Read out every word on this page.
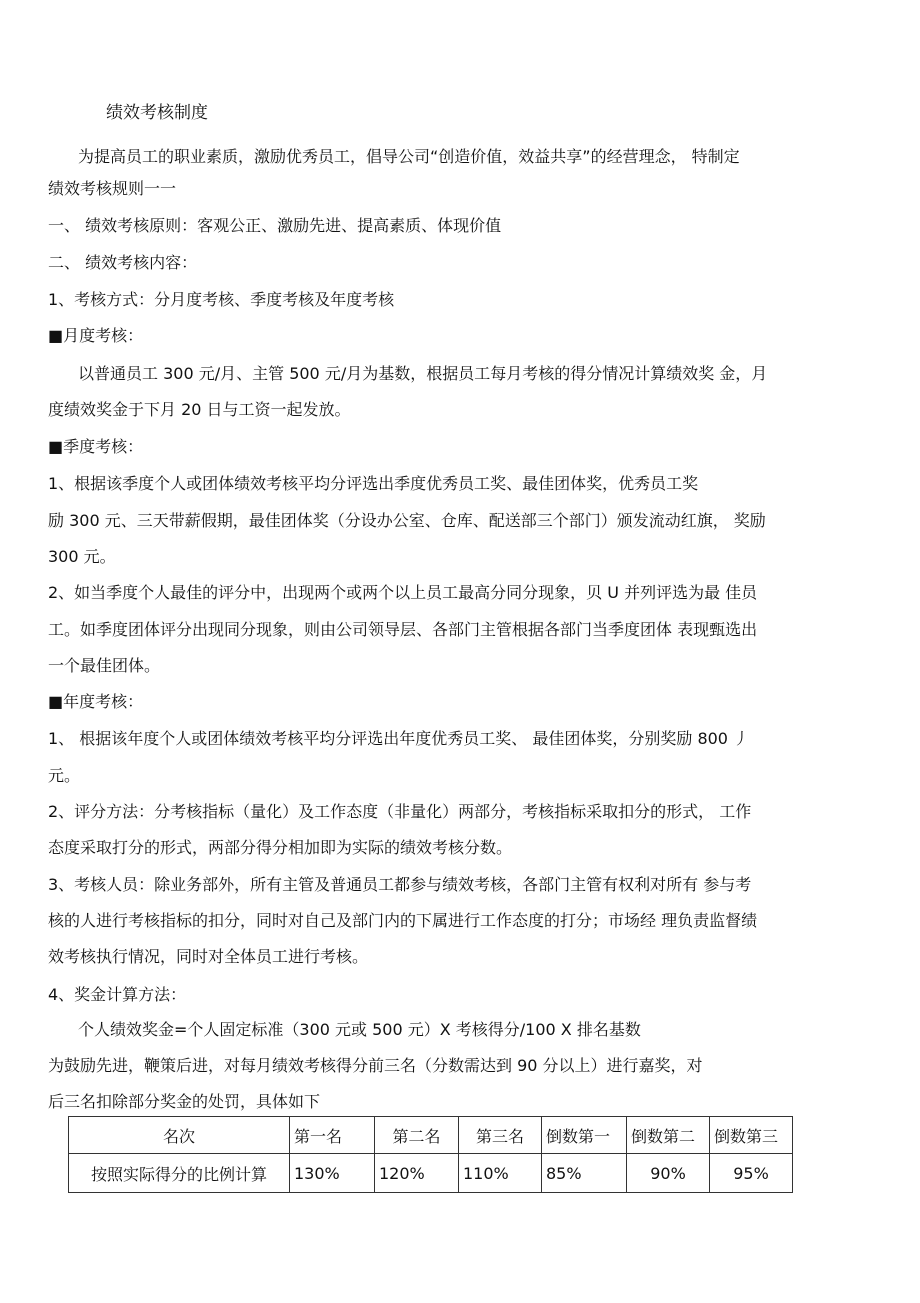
绩效考核制度
为提高员工的职业素质，激励优秀员工，倡导公司“创造价值，效益共享”的经营理念， 特制定
绩效考核规则一一
一、 绩效考核原则：客观公正、激励先进、提高素质、体现价值
二、 绩效考核内容：
1、考核方式：分月度考核、季度考核及年度考核
■月度考核：
以普通员工 300 元/月、主管 500 元/月为基数，根据员工每月考核的得分情况计算绩效奖 金，月
度绩效奖金于下月 20 日与工资一起发放。
■季度考核：
1、根据该季度个人或团体绩效考核平均分评选出季度优秀员工奖、最佳团体奖，优秀员工奖
励 300 元、三天带薪假期，最佳团体奖（分设办公室、仓库、配送部三个部门）颁发流动红旗， 奖励
300 元。
2、如当季度个人最佳的评分中，出现两个或两个以上员工最高分同分现象，贝 U 并列评选为最 佳员
工。如季度团体评分出现同分现象，则由公司领导层、各部门主管根据各部门当季度团体 表现甄选出
一个最佳团体。
■年度考核：
1、 根据该年度个人或团体绩效考核平均分评选出年度优秀员工奖、 最佳团体奖，分别奖励 800 丿
元。
2、评分方法：分考核指标（量化）及工作态度（非量化）两部分，考核指标采取扣分的形式， 工作
态度采取打分的形式，两部分得分相加即为实际的绩效考核分数。
3、考核人员：除业务部外，所有主管及普通员工都参与绩效考核，各部门主管有权利对所有 参与考
核的人进行考核指标的扣分，同时对自己及部门内的下属进行工作态度的打分；市场经 理负责监督绩
效考核执行情况，同时对全体员工进行考核。
4、奖金计算方法：
个人绩效奖金=个人固定标准（300 元或 500 元）X 考核得分/100 X 排名基数
为鼓励先进，鞭策后进，对每月绩效考核得分前三名（分数需达到 90 分以上）进行嘉奖，对
后三名扣除部分奖金的处罚，具体如下
名次	第一名	第二名	第三名	倒数第一	倒数第二	倒数第三
按照实际得分的比例计算	130%	120%	110%	85%	90%	95%
